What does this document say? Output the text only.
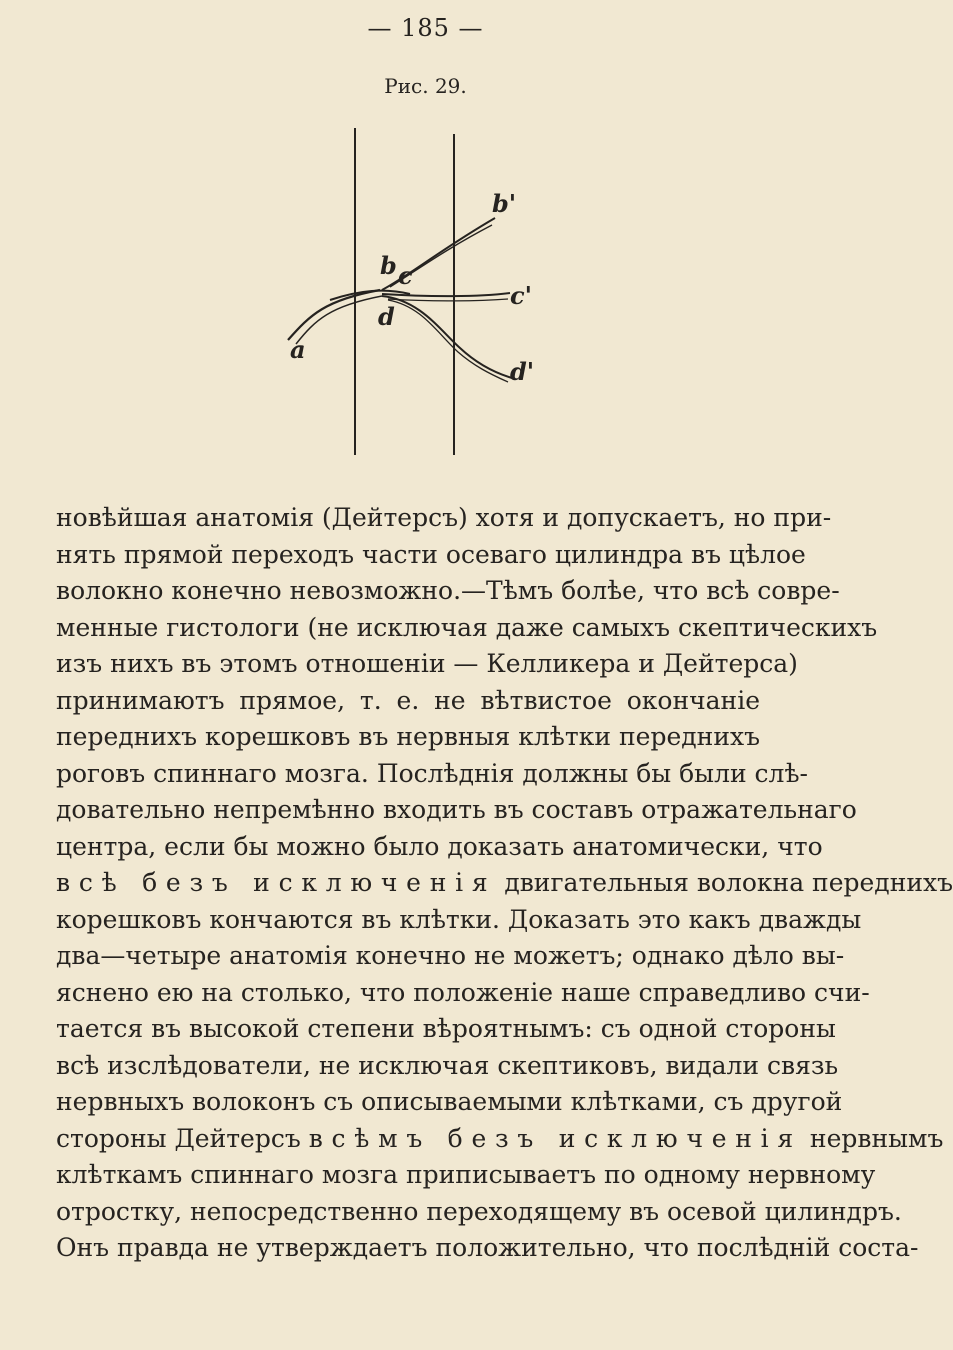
— 185 —
Рис. 29.
a
b c
d
b'
c'
d'
новѣйшая анатомія (Дейтерсъ) хотя и допускаетъ, но при-
нять прямой переходъ части осеваго цилиндра въ цѣлое
волокно конечно невозможно.—Тѣмъ болѣе, что всѣ совре-
менные гистологи (не исключая даже самыхъ скептическихъ
изъ нихъ въ этомъ отношеніи — Келликера и Дейтерса)
принимаютъ прямое, т. е. не вѣтвистое окончаніе
переднихъ корешковъ въ нервныя клѣтки переднихъ
роговъ спиннаго мозга. Послѣднія должны бы были слѣ-
довательно непремѣнно входить въ составъ отражательнаго
центра, если бы можно было доказать анатомически, что
всѣ безъ исключенія двигательныя волокна переднихъ
корешковъ кончаются въ клѣтки. Доказать это какъ дважды
два—четыре анатомія конечно не можетъ; однако дѣло вы-
яснено ею на столько, что положеніе наше справедливо счи-
тается въ высокой степени вѣроятнымъ: съ одной стороны
всѣ изслѣдователи, не исключая скептиковъ, видали связь
нервныхъ волоконъ съ описываемыми клѣтками, съ другой
стороны Дейтерсъ всѣмъ безъ исключенія нервнымъ
клѣткамъ спиннаго мозга приписываетъ по одному нервному
отростку, непосредственно переходящему въ осевой цилиндръ.
Онъ правда не утверждаетъ положительно, что послѣдній соста-
